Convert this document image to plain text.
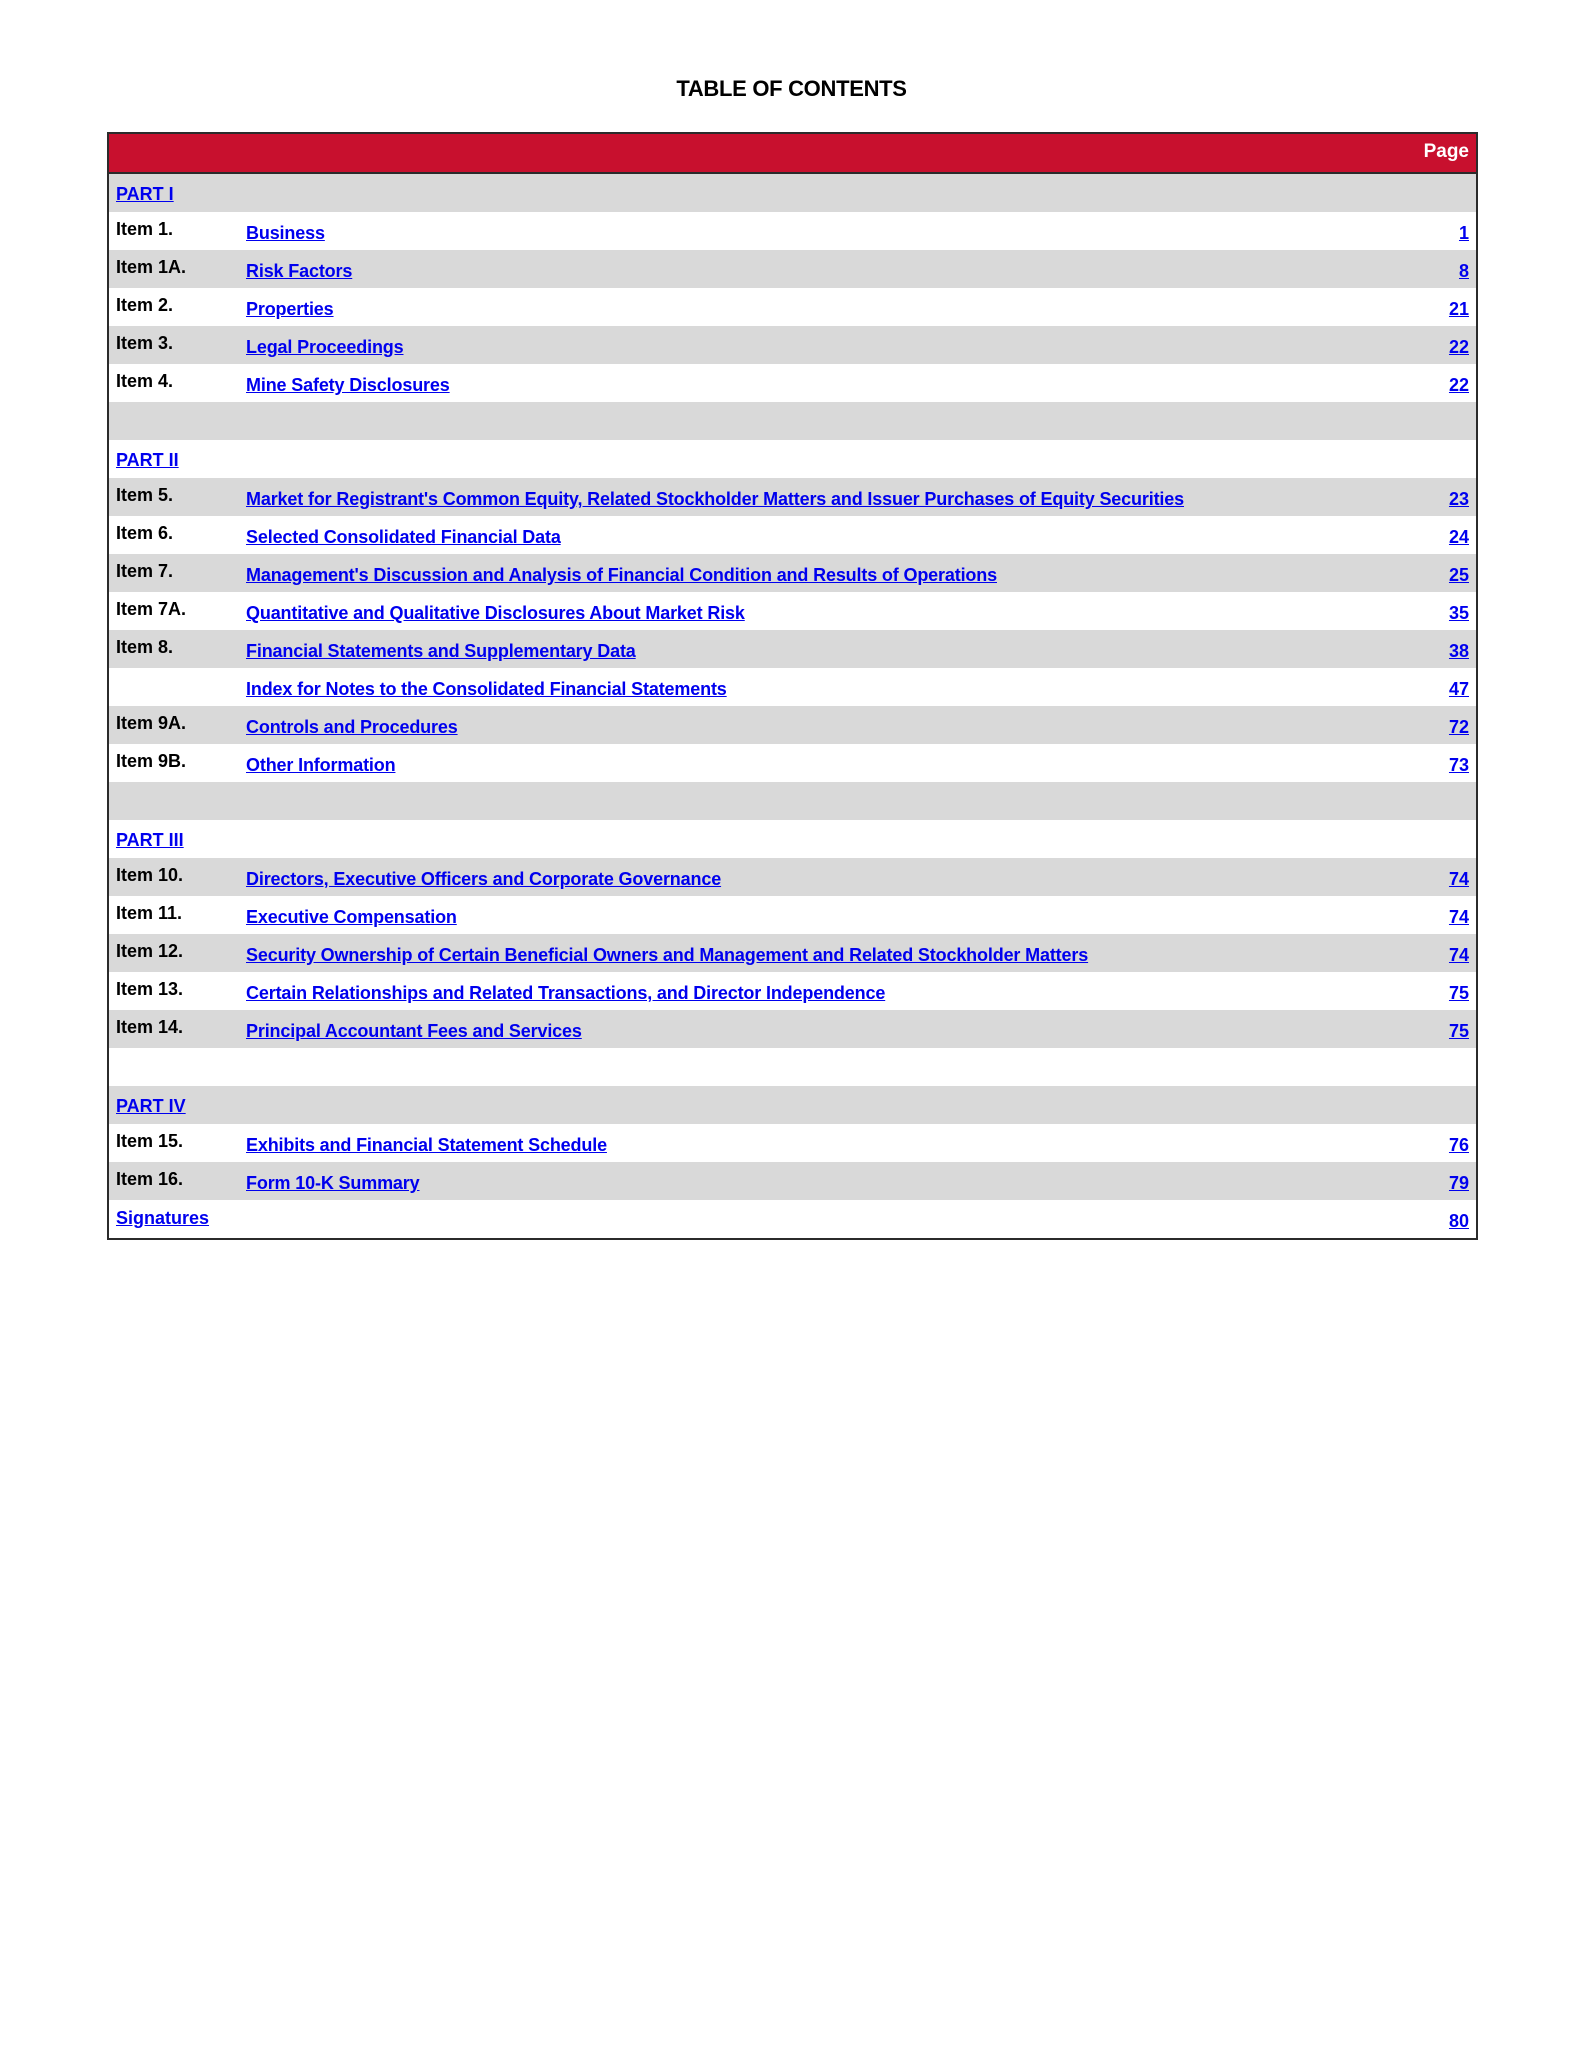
TABLE OF CONTENTS
Page
PART I
Item 1.	Business	1
Item 1A.	Risk Factors	8
Item 2.	Properties	21
Item 3.	Legal Proceedings	22
Item 4.	Mine Safety Disclosures	22
PART II
Item 5.	Market for Registrant's Common Equity, Related Stockholder Matters and Issuer Purchases of Equity Securities	23
Item 6.	Selected Consolidated Financial Data	24
Item 7.	Management's Discussion and Analysis of Financial Condition and Results of Operations	25
Item 7A.	Quantitative and Qualitative Disclosures About Market Risk	35
Item 8.	Financial Statements and Supplementary Data	38
Index for Notes to the Consolidated Financial Statements	47
Item 9A.	Controls and Procedures	72
Item 9B.	Other Information	73
PART III
Item 10.	Directors, Executive Officers and Corporate Governance	74
Item 11.	Executive Compensation	74
Item 12.	Security Ownership of Certain Beneficial Owners and Management and Related Stockholder Matters	74
Item 13.	Certain Relationships and Related Transactions, and Director Independence	75
Item 14.	Principal Accountant Fees and Services	75
PART IV
Item 15.	Exhibits and Financial Statement Schedule	76
Item 16.	Form 10-K Summary	79
Signatures	80
